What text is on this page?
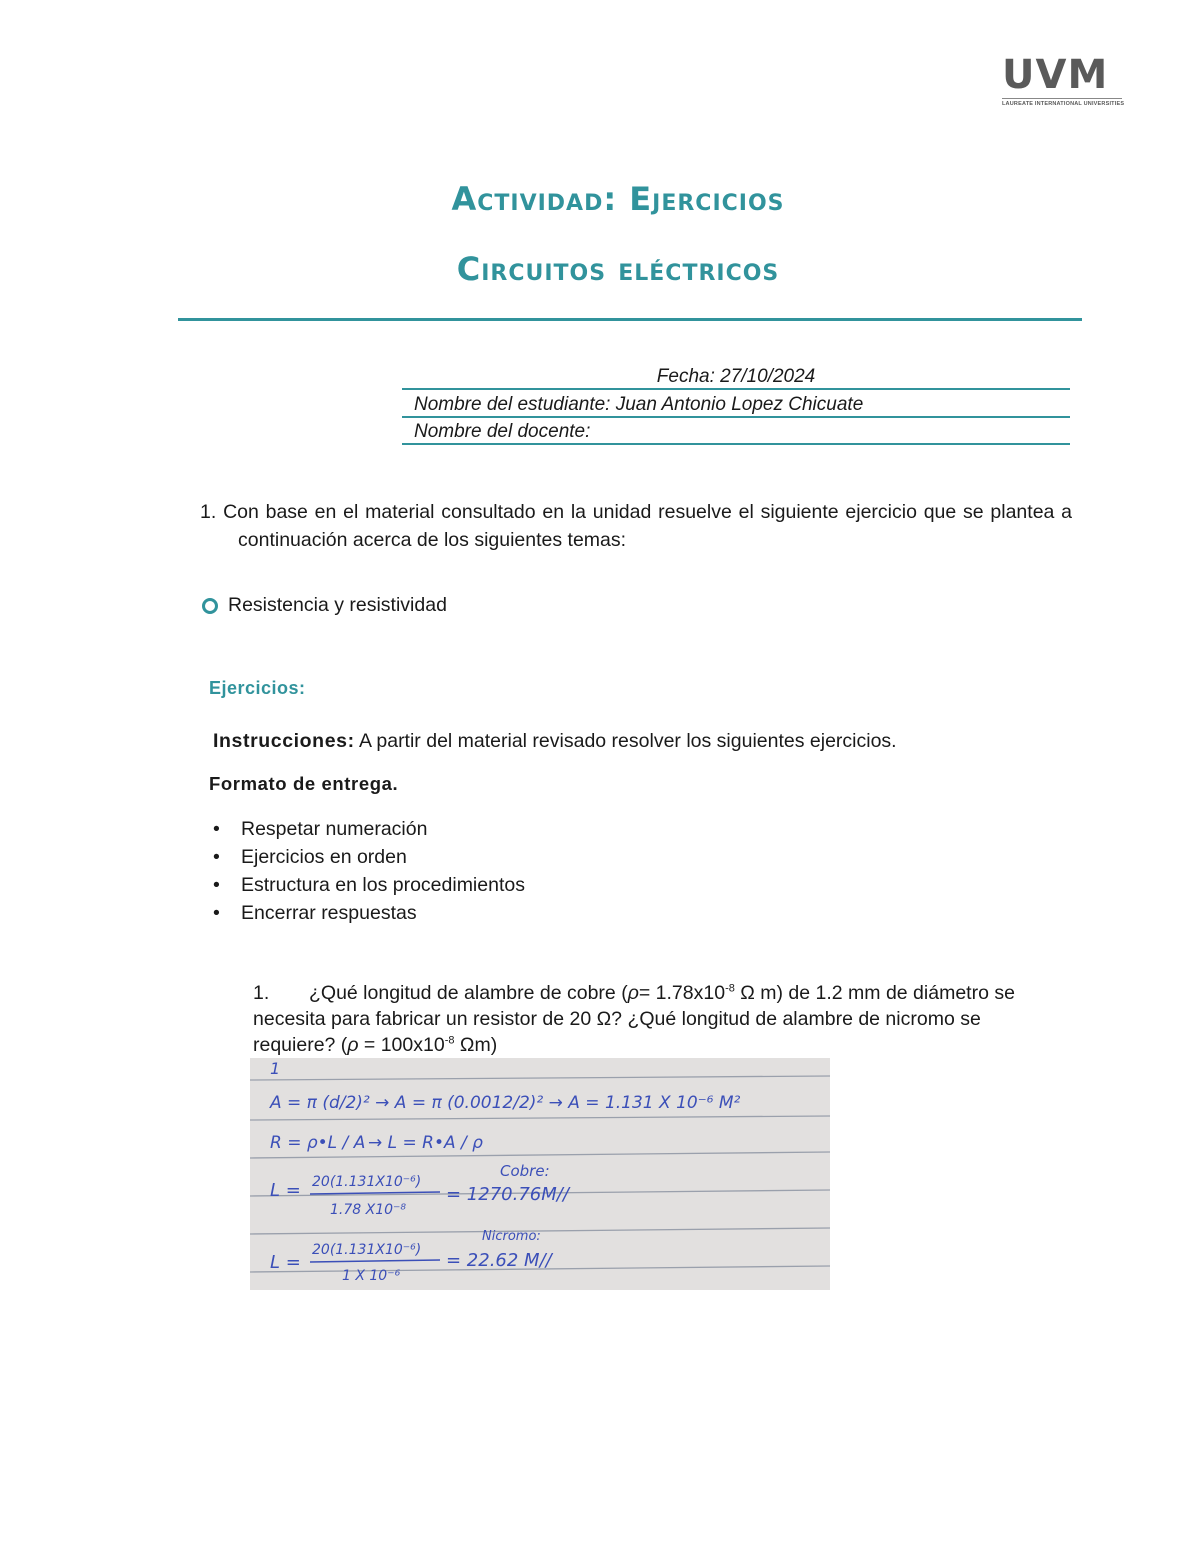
UVM
LAUREATE INTERNATIONAL UNIVERSITIES
Actividad: Ejercicios
Circuitos eléctricos
Fecha: 27/10/2024
Nombre del estudiante: Juan Antonio Lopez Chicuate
Nombre del docente:
1. Con base en el material consultado en la unidad resuelve el siguiente ejercicio que se plantea a continuación acerca de los siguientes temas:
Resistencia y resistividad
Ejercicios:
Instrucciones: A partir del material revisado resolver los siguientes ejercicios.
Formato de entrega.
•	Respetar numeración
•	Ejercicios en orden
•	Estructura en los procedimientos
•	Encerrar respuestas
1. ¿Qué longitud de alambre de cobre ($\rho= 1.78x10^{-8}$ Ω m) de 1.2 mm de diámetro se necesita para fabricar un resistor de 20 Ω? ¿Qué longitud de alambre de nicromo se requiere? ($\rho = 100x10^{-8}$ Ωm)
1
A = π (d/2)² → A = π (0.0012/2)² → A = 1.131 X 10⁻⁶ M²
R = ρ•L / A → L = R•A / ρ
Cobre:
L = 20(1.131X10⁻⁶)
1.78 X10⁻⁸
= 1270.76M//
Nicromo:
L =
20(1.131X10⁻⁶)
1 X 10⁻⁶
= 22.62 M//
